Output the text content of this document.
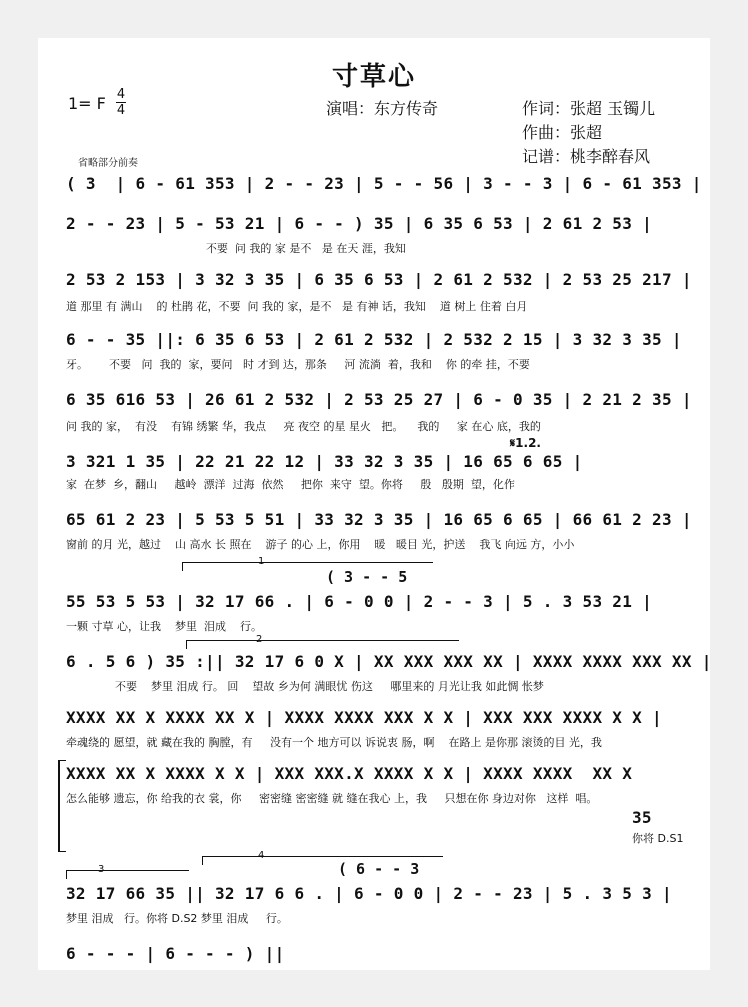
寸草心
1= F 4
4	演唱：东方传奇	作词：张超 玉镯儿
作曲：张超
记谱：桃李醉春风
省略部分前奏
( 3  | 6 - 61 353 | 2 - - 23 | 5 - - 56 | 3 - - 3 | 6 - 61 353 |
2 - - 23 | 5 - 53 21 | 6 - - ) 35 | 6 35 6 53 | 2 61 2 53 |
不要  问 我的 家 是不   是 在天 涯，我知
2 53 2 153 | 3 32 3 35 | 6 35 6 53 | 2 61 2 532 | 2 53 25 217 |
道 那里 有 满山    的 杜鹃 花，不要  问 我的 家，是不   是 有神 话，我知    道 树上 住着 白月
6 - - 35 ||: 6 35 6 53 | 2 61 2 532 | 2 532 2 15 | 3 32 3 35 |
牙。      不要   问  我的  家，要问   时 才到 达，那条     河 流淌  着，我和    你 的牵 挂，不要
6 35 616 53 | 26 61 2 532 | 2 53 25 27 | 6 - 0 35 | 2 21 2 35 |
问 我的 家，  有没    有锦 绣繁 华，我点     亮 夜空 的星 星火   把。    我的     家 在心 底，我的
𝄋1.2.
3 321 1 35 | 22 21 22 12 | 33 32 3 35 | 16 65 6 65 |
家  在梦  乡，翻山     越岭  漂洋  过海  依然     把你  来守  望。你将     殷   殷期  望，化作
65 61 2 23 | 5 53 5 51 | 33 32 3 35 | 16 65 6 65 | 66 61 2 23 |
窗前 的月 光，越过    山 高水 长 照在    游子 的心 上，你用    暖   暖目 光，护送    我飞 向远 方，小小
1
( 3 - - 5
55 53 5 53 | 32 17 66 . | 6 - 0 0 | 2 - - 3 | 5 . 3 53 21 |
一颗 寸草 心，让我    梦里  泪成    行。
2
6 . 5 6 ) 35 :|| 32 17 6 0 X | XX XXX XXX XX | XXXX XXXX XXX XX |
不要    梦里 泪成 行。 回    望故 乡为何 满眼忧 伤这     哪里来的 月光让我 如此惆 怅梦
XXXX XX X XXXX XX X | XXXX XXXX XXX X X | XXX XXX XXXX X X |
牵魂绕的 愿望，就 藏在我的 胸膛，有     没有一个 地方可以 诉说衷 肠，啊    在路上 是你那 滚烫的目 光，我
XXXX XX X XXXX X X | XXX XXX.X XXXX X X | XXXX XXXX  XX X
怎么能够 遗忘，你 给我的衣 裳，你     密密缝 密密缝 就 缝在我心 上，我     只想在你 身边对你   这样  唱。
35
你将 D.S1
3
4
( 6 - - 3
32 17 66 35 || 32 17 6 6 . | 6 - 0 0 | 2 - - 23 | 5 . 3 5 3 |
梦里 泪成   行。你将 D.S2 梦里 泪成     行。
6 - - - | 6 - - - ) ||
